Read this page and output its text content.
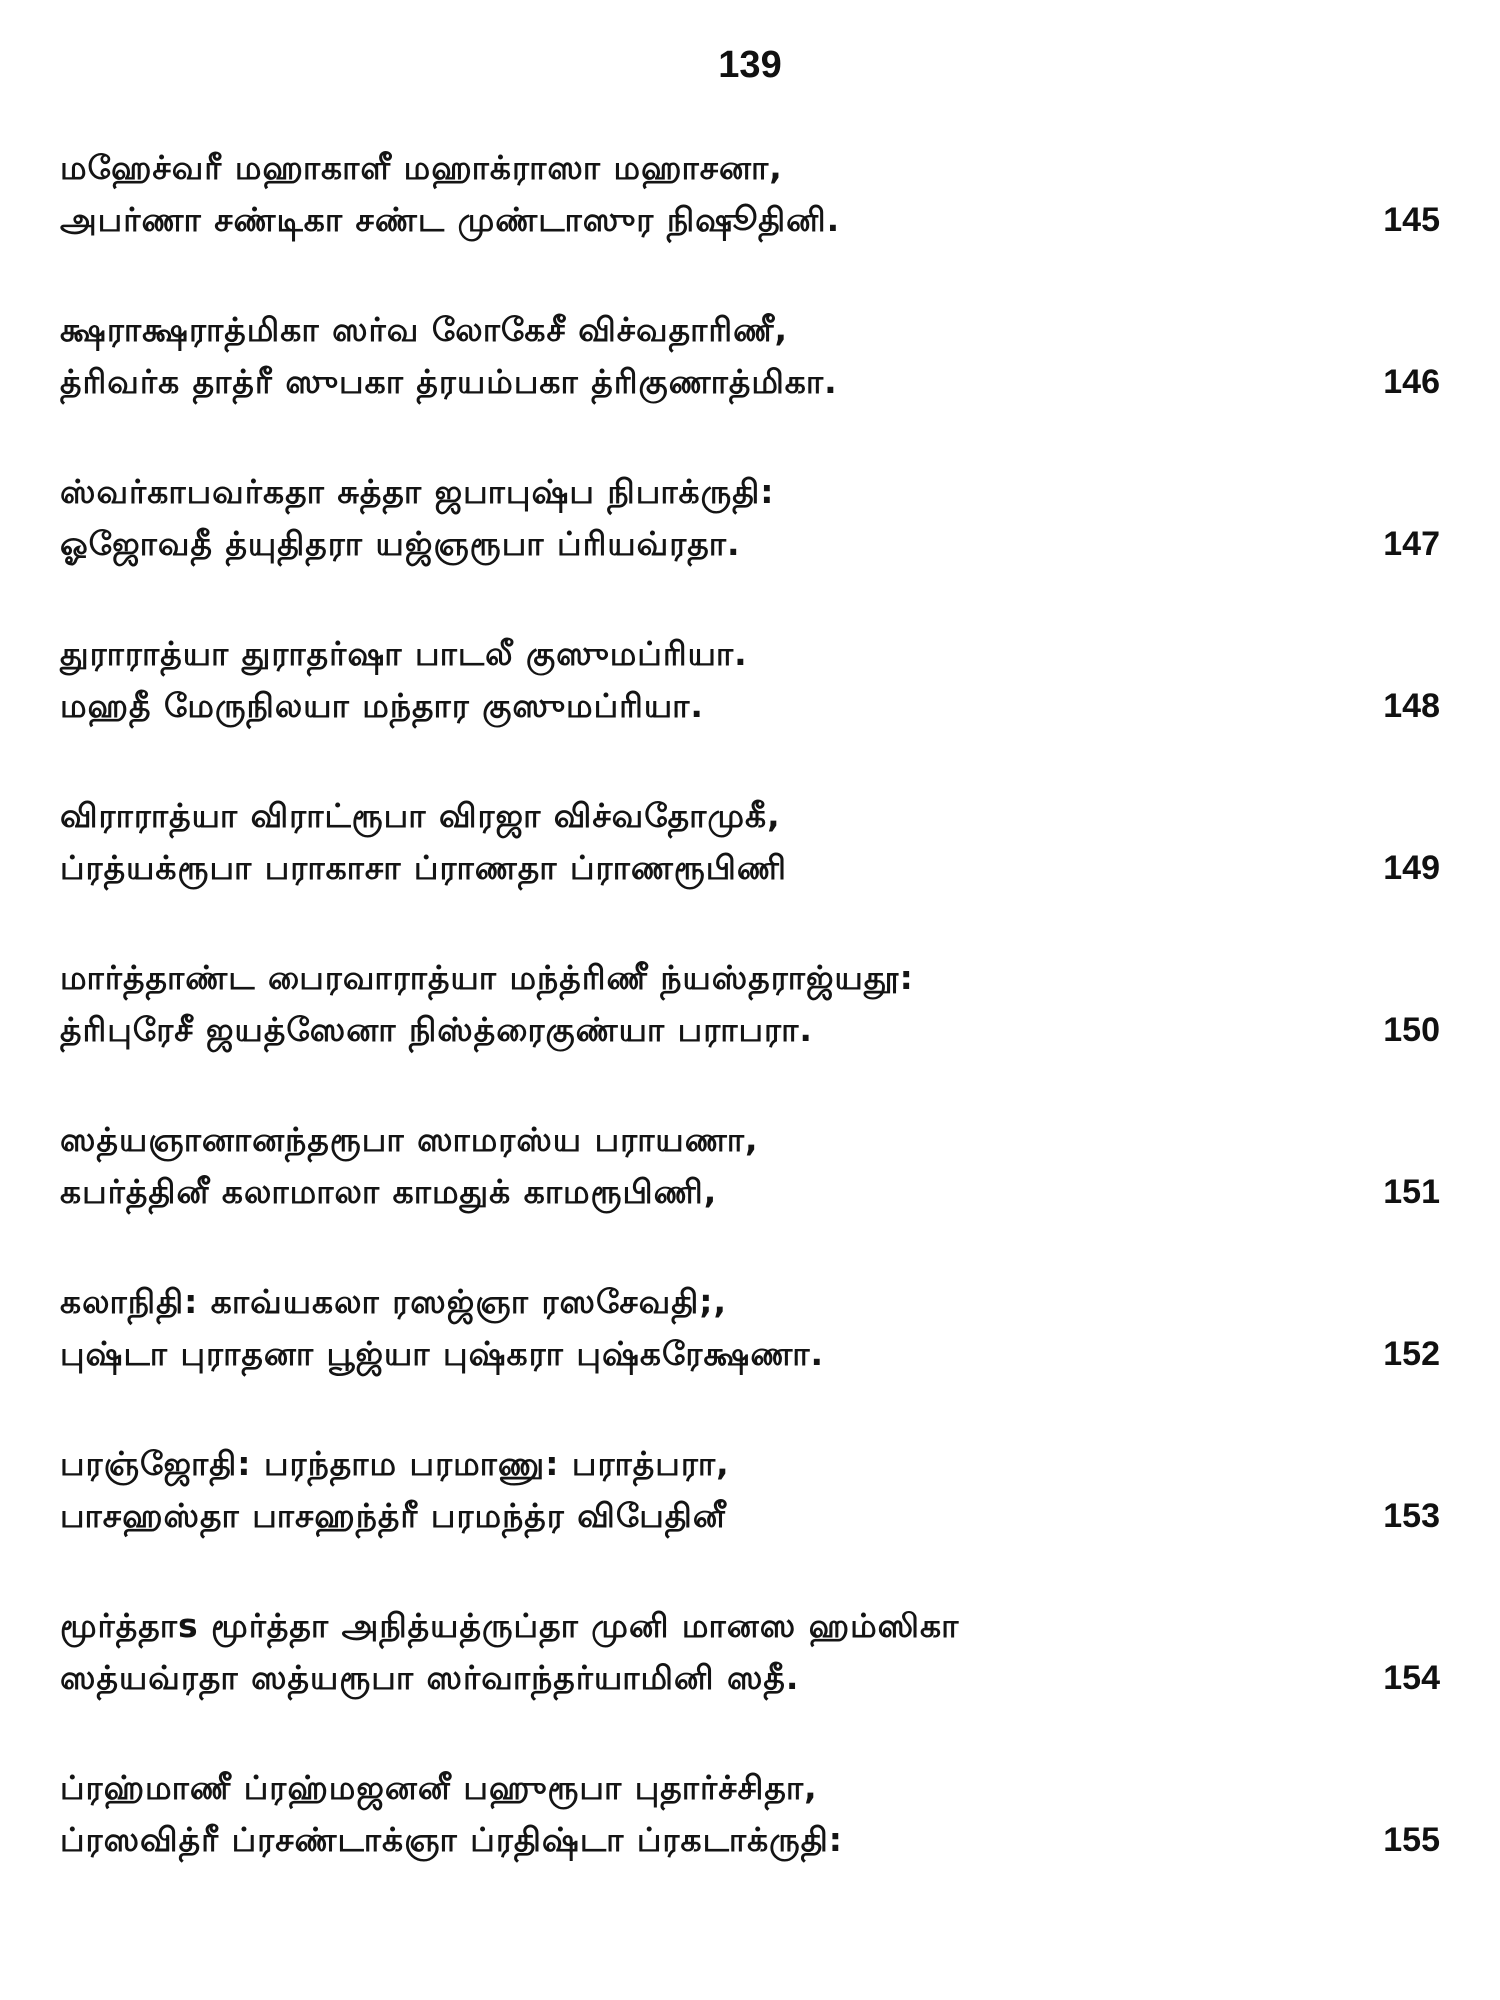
139
மஹேச்வரீ மஹாகாளீ மஹாக்ராஸா மஹாசனா,
அபர்ணா சண்டிகா சண்ட முண்டாஸுர நிஷூதினி.	145
க்ஷராக்ஷராத்மிகா ஸர்வ லோகேசீ விச்வதாரிணீ,
த்ரிவர்க தாத்ரீ ஸுபகா த்ரயம்பகா த்ரிகுணாத்மிகா.	146
ஸ்வர்காபவர்கதா சுத்தா ஜபாபுஷ்ப நிபாக்ருதி:
ஓஜோவதீ த்யுதிதரா யஜ்ஞரூபா ப்ரியவ்ரதா.	147
துராராத்யா துராதர்ஷா பாடலீ குஸுமப்ரியா.
மஹதீ மேருநிலயா மந்தார குஸுமப்ரியா.	148
விராராத்யா விராட்ரூபா விரஜா விச்வதோமுகீ,
ப்ரத்யக்ரூபா பராகாசா ப்ராணதா ப்ராணரூபிணி	149
மார்த்தாண்ட பைரவாராத்யா மந்த்ரிணீ ந்யஸ்தராஜ்யதூ:
த்ரிபுரேசீ ஜயத்ஸேனா நிஸ்த்ரைகுண்யா பராபரா.	150
ஸத்யஞானானந்தரூபா ஸாமரஸ்ய பராயணா,
கபர்த்தினீ கலாமாலா காமதுக் காமரூபிணி,	151
கலாநிதி: காவ்யகலா ரஸஜ்ஞா ரஸசேவதி;,
புஷ்டா புராதனா பூஜ்யா புஷ்கரா புஷ்கரேக்ஷணா.	152
பரஞ்ஜோதி: பரந்தாம பரமாணு: பராத்பரா,
பாசஹஸ்தா பாசஹந்த்ரீ பரமந்த்ர விபேதினீ	153
மூர்த்தாꜱ மூர்த்தா அநித்யத்ருப்தா முனி மானஸ ஹம்ஸிகா
ஸத்யவ்ரதா ஸத்யரூபா ஸர்வாந்தர்யாமினி ஸதீ.	154
ப்ரஹ்மாணீ ப்ரஹ்மஜனனீ பஹுரூபா புதார்ச்சிதா,
ப்ரஸவித்ரீ ப்ரசண்டாக்ஞா ப்ரதிஷ்டா ப்ரகடாக்ருதி:	155
